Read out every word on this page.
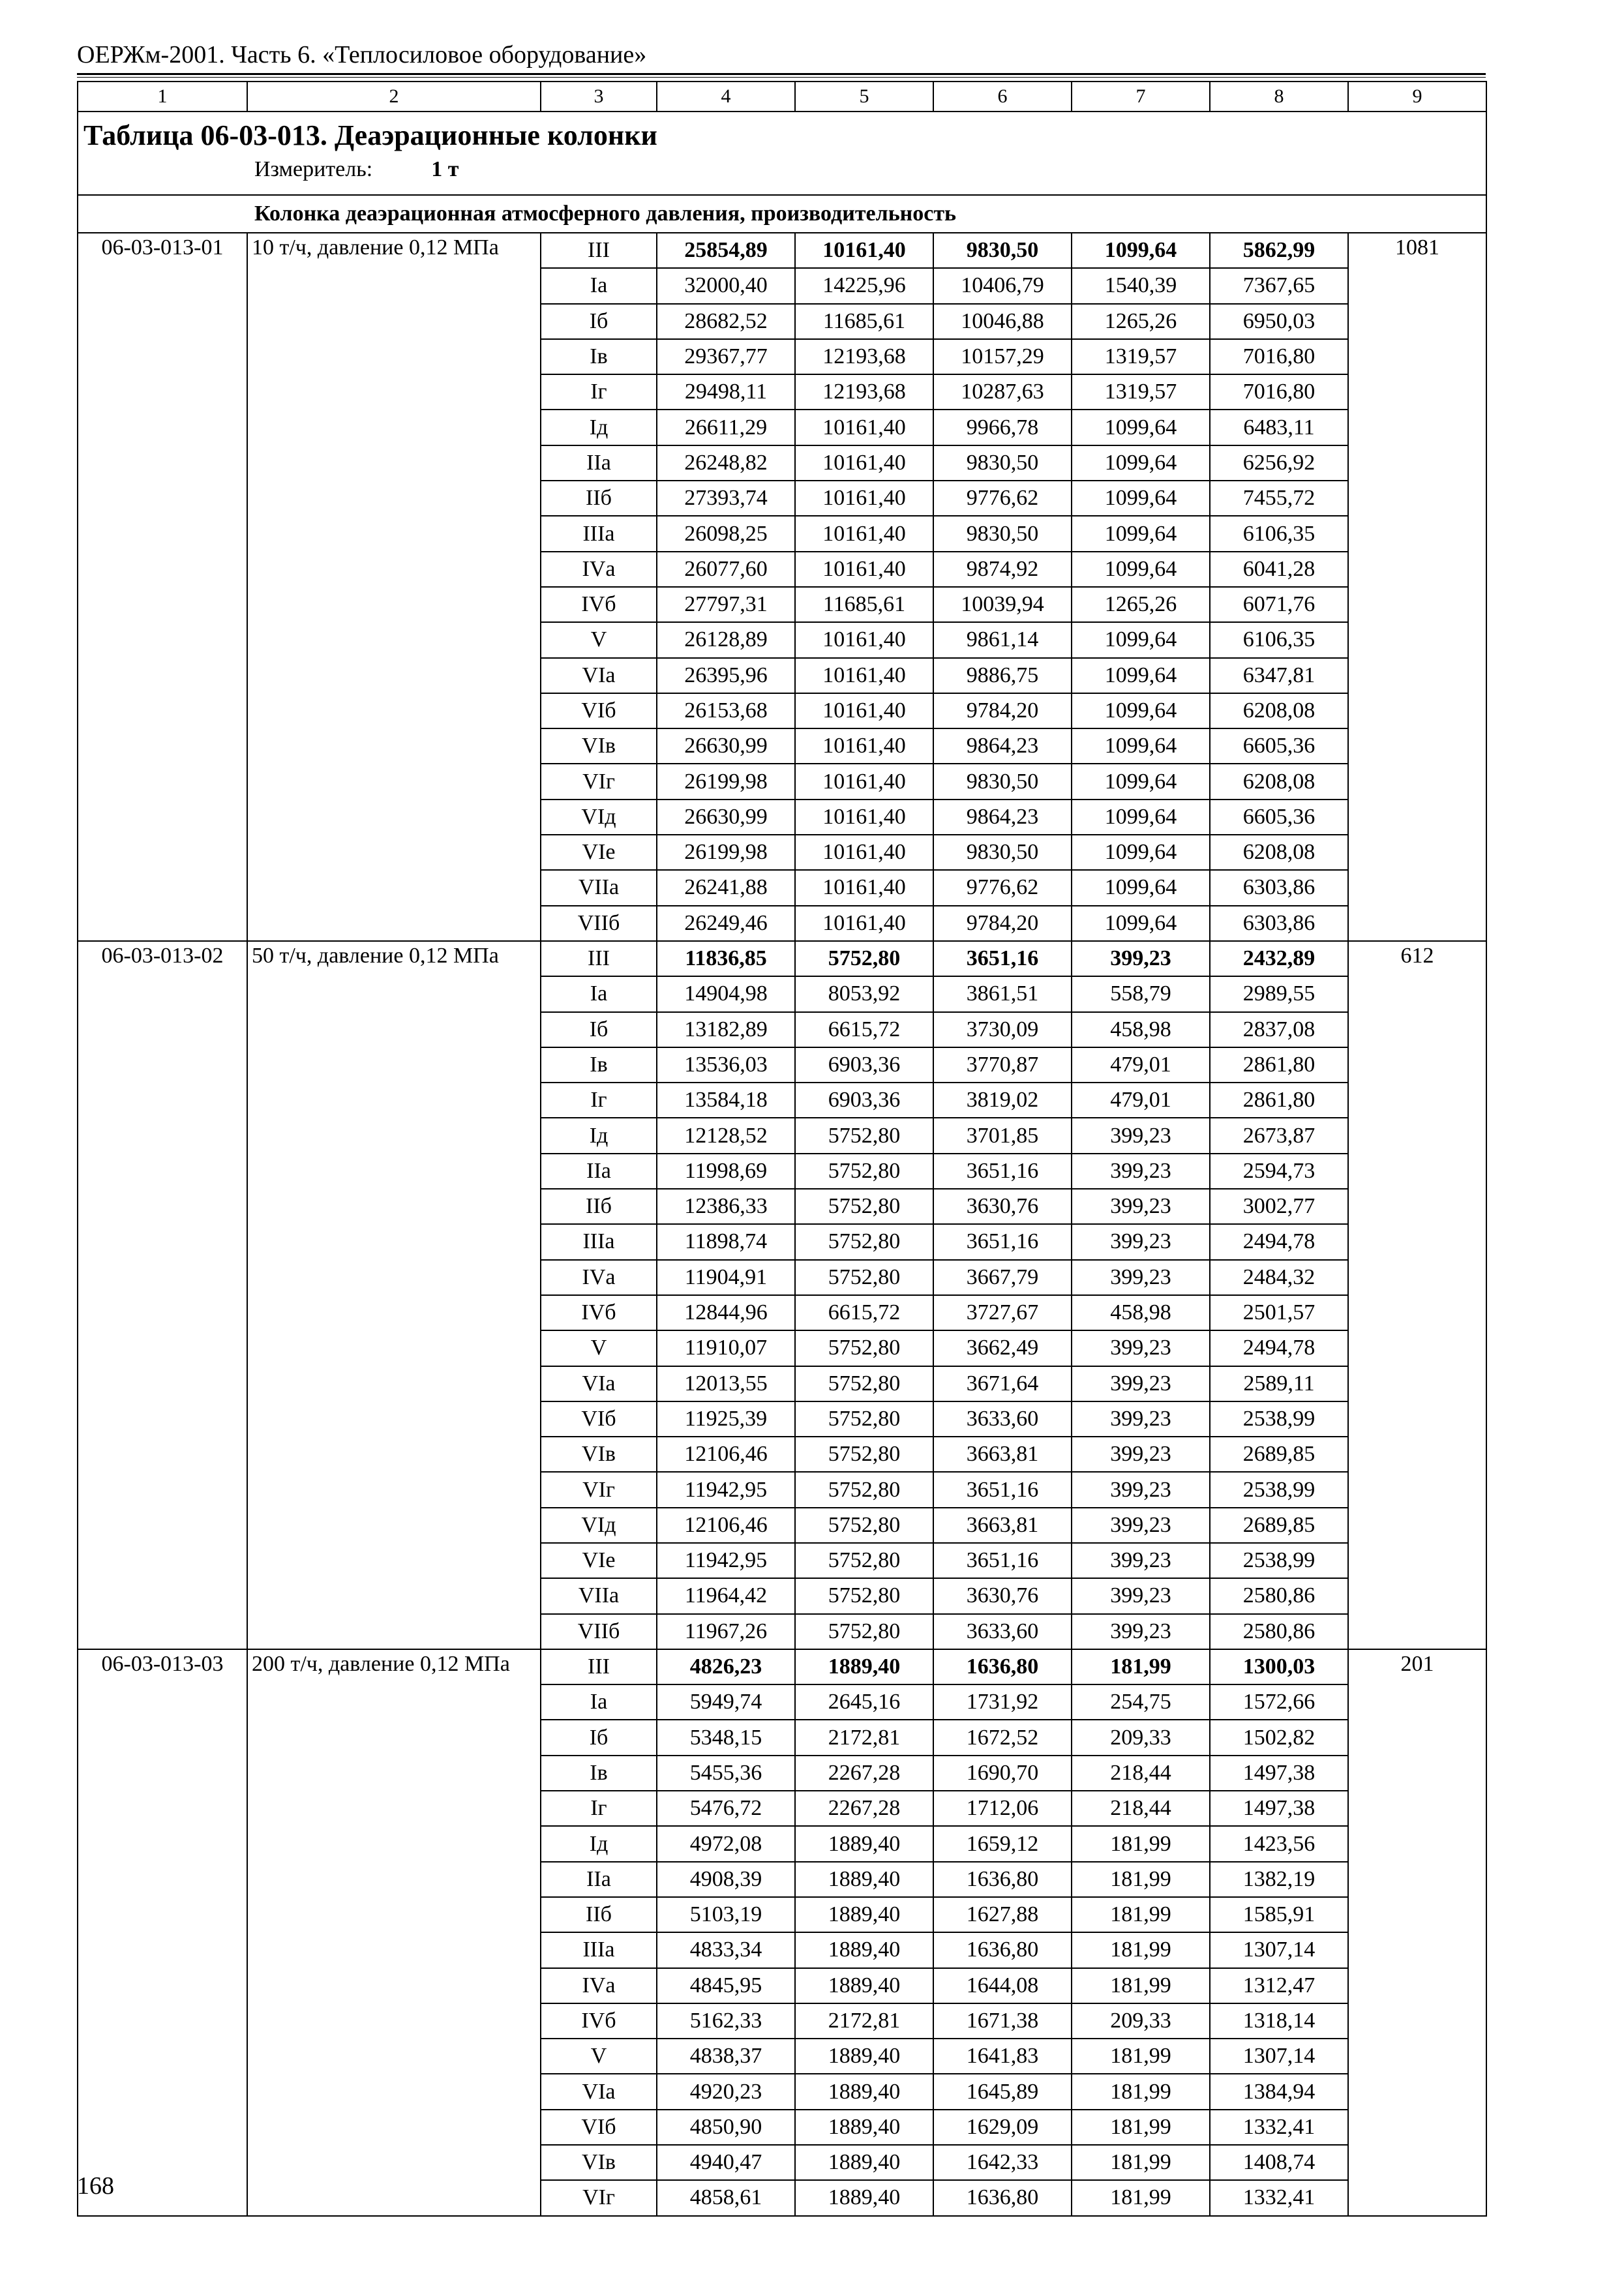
ОЕРЖм-2001. Часть 6. «Теплосиловое оборудование»
1	2	3	4	5	6	7	8	9

Таблица 06-03-013. Деаэрационные колонки
Измеритель: 1 т								

Колонка деаэрационная атмосферного давления, производительность								
06-03-013-01	10 т/ч, давление 0,12 МПа	III	25854,89	10161,40	9830,50	1099,64	5862,99	1081
		Iа	32000,40	14225,96	10406,79	1540,39	7367,65	
		Iб	28682,52	11685,61	10046,88	1265,26	6950,03	
		Iв	29367,77	12193,68	10157,29	1319,57	7016,80	
		Iг	29498,11	12193,68	10287,63	1319,57	7016,80	
		Iд	26611,29	10161,40	9966,78	1099,64	6483,11	
		IIа	26248,82	10161,40	9830,50	1099,64	6256,92	
		IIб	27393,74	10161,40	9776,62	1099,64	7455,72	
		IIIа	26098,25	10161,40	9830,50	1099,64	6106,35	
		IVа	26077,60	10161,40	9874,92	1099,64	6041,28	
		IVб	27797,31	11685,61	10039,94	1265,26	6071,76	
		V	26128,89	10161,40	9861,14	1099,64	6106,35	
		VIа	26395,96	10161,40	9886,75	1099,64	6347,81	
		VIб	26153,68	10161,40	9784,20	1099,64	6208,08	
		VIв	26630,99	10161,40	9864,23	1099,64	6605,36	
		VIг	26199,98	10161,40	9830,50	1099,64	6208,08	
		VIд	26630,99	10161,40	9864,23	1099,64	6605,36	
		VIе	26199,98	10161,40	9830,50	1099,64	6208,08	
		VIIа	26241,88	10161,40	9776,62	1099,64	6303,86	
		VIIб	26249,46	10161,40	9784,20	1099,64	6303,86	
06-03-013-02	50 т/ч, давление 0,12 МПа	III	11836,85	5752,80	3651,16	399,23	2432,89	612
		Iа	14904,98	8053,92	3861,51	558,79	2989,55	
		Iб	13182,89	6615,72	3730,09	458,98	2837,08	
		Iв	13536,03	6903,36	3770,87	479,01	2861,80	
		Iг	13584,18	6903,36	3819,02	479,01	2861,80	
		Iд	12128,52	5752,80	3701,85	399,23	2673,87	
		IIа	11998,69	5752,80	3651,16	399,23	2594,73	
		IIб	12386,33	5752,80	3630,76	399,23	3002,77	
		IIIа	11898,74	5752,80	3651,16	399,23	2494,78	
		IVа	11904,91	5752,80	3667,79	399,23	2484,32	
		IVб	12844,96	6615,72	3727,67	458,98	2501,57	
		V	11910,07	5752,80	3662,49	399,23	2494,78	
		VIа	12013,55	5752,80	3671,64	399,23	2589,11	
		VIб	11925,39	5752,80	3633,60	399,23	2538,99	
		VIв	12106,46	5752,80	3663,81	399,23	2689,85	
		VIг	11942,95	5752,80	3651,16	399,23	2538,99	
		VIд	12106,46	5752,80	3663,81	399,23	2689,85	
		VIе	11942,95	5752,80	3651,16	399,23	2538,99	
		VIIа	11964,42	5752,80	3630,76	399,23	2580,86	
		VIIб	11967,26	5752,80	3633,60	399,23	2580,86	
06-03-013-03	200 т/ч, давление 0,12 МПа	III	4826,23	1889,40	1636,80	181,99	1300,03	201
		Iа	5949,74	2645,16	1731,92	254,75	1572,66	
		Iб	5348,15	2172,81	1672,52	209,33	1502,82	
		Iв	5455,36	2267,28	1690,70	218,44	1497,38	
		Iг	5476,72	2267,28	1712,06	218,44	1497,38	
		Iд	4972,08	1889,40	1659,12	181,99	1423,56	
		IIа	4908,39	1889,40	1636,80	181,99	1382,19	
		IIб	5103,19	1889,40	1627,88	181,99	1585,91	
		IIIа	4833,34	1889,40	1636,80	181,99	1307,14	
		IVа	4845,95	1889,40	1644,08	181,99	1312,47	
		IVб	5162,33	2172,81	1671,38	209,33	1318,14	
		V	4838,37	1889,40	1641,83	181,99	1307,14	
		VIа	4920,23	1889,40	1645,89	181,99	1384,94	
		VIб	4850,90	1889,40	1629,09	181,99	1332,41	
		VIв	4940,47	1889,40	1642,33	181,99	1408,74	
		VIг	4858,61	1889,40	1636,80	181,99	1332,41	
168
